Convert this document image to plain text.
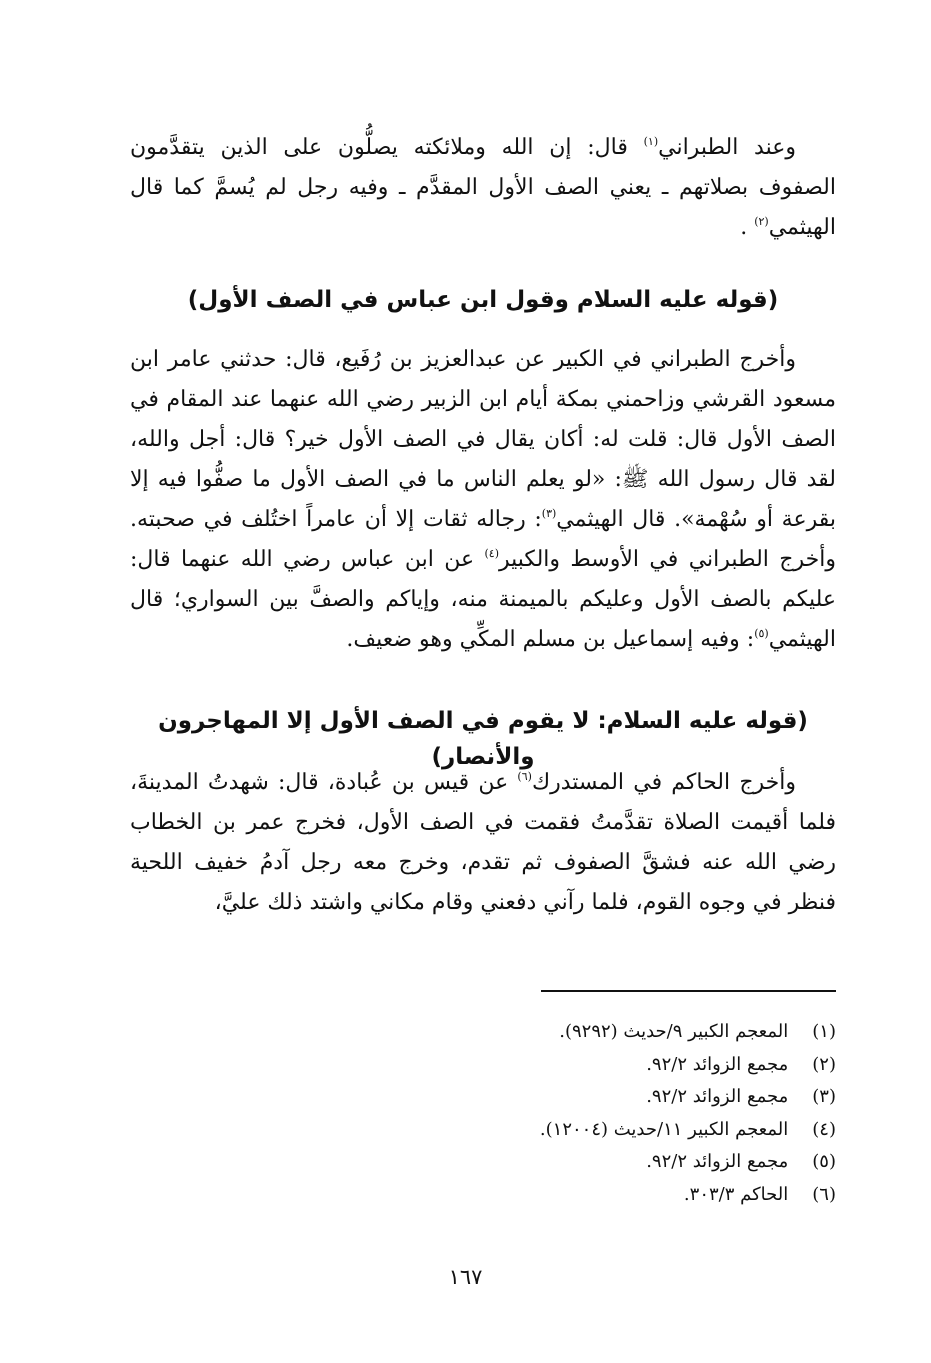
وعند الطبراني$^{(١)}$ قال: إن الله وملائكته يصلُّون على الذين يتقدَّمون الصفوف بصلاتهم ـ يعني الصف الأول المقدَّم ـ وفيه رجل لم يُسمَّ كما قال الهيثمي$^{(٢)}$ .

(قوله عليه السلام وقول ابن عباس في الصف الأول)

وأخرج الطبراني في الكبير عن عبدالعزيز بن رُفَيع، قال: حدثني عامر ابن مسعود القرشي وزاحمني بمكة أيام ابن الزبير رضي الله عنهما عند المقام في الصف الأول قال: قلت له: أكان يقال في الصف الأول خير؟ قال: أجل والله، لقد قال رسول الله ﷺ: «لو يعلم الناس ما في الصف الأول ما صفُّوا فيه إلا بقرعة أو سُهْمة». قال الهيثمي$^{(٣)}$: رجاله ثقات إلا أن عامراً اختُلف في صحبته. وأخرج الطبراني في الأوسط والكبير$^{(٤)}$ عن ابن عباس رضي الله عنهما قال: عليكم بالصف الأول وعليكم بالميمنة منه، وإياكم والصفَّ بين السواري؛ قال الهيثمي$^{(٥)}$: وفيه إسماعيل بن مسلم المكِّي وهو ضعيف.

(قوله عليه السلام: لا يقوم في الصف الأول إلا المهاجرون والأنصار)

وأخرج الحاكم في المستدرك$^{(٦)}$ عن قيس بن عُبادة، قال: شهدتُ المدينةَ، فلما أقيمت الصلاة تقدَّمتُ فقمت في الصف الأول، فخرج عمر بن الخطاب رضي الله عنه فشقَّ الصفوف ثم تقدم، وخرج معه رجل آدمُ خفيف اللحية فنظر في وجوه القوم، فلما رآني دفعني وقام مكاني واشتد ذلك عليَّ،

(١) المعجم الكبير ٩/حديث (٩٢٩٢).
(٢) مجمع الزوائد ٩٢/٢.
(٣) مجمع الزوائد ٩٢/٢.
(٤) المعجم الكبير ١١/حديث (١٢٠٠٤).
(٥) مجمع الزوائد ٩٢/٢.
(٦) الحاكم ٣٠٣/٣.
١٦٧
